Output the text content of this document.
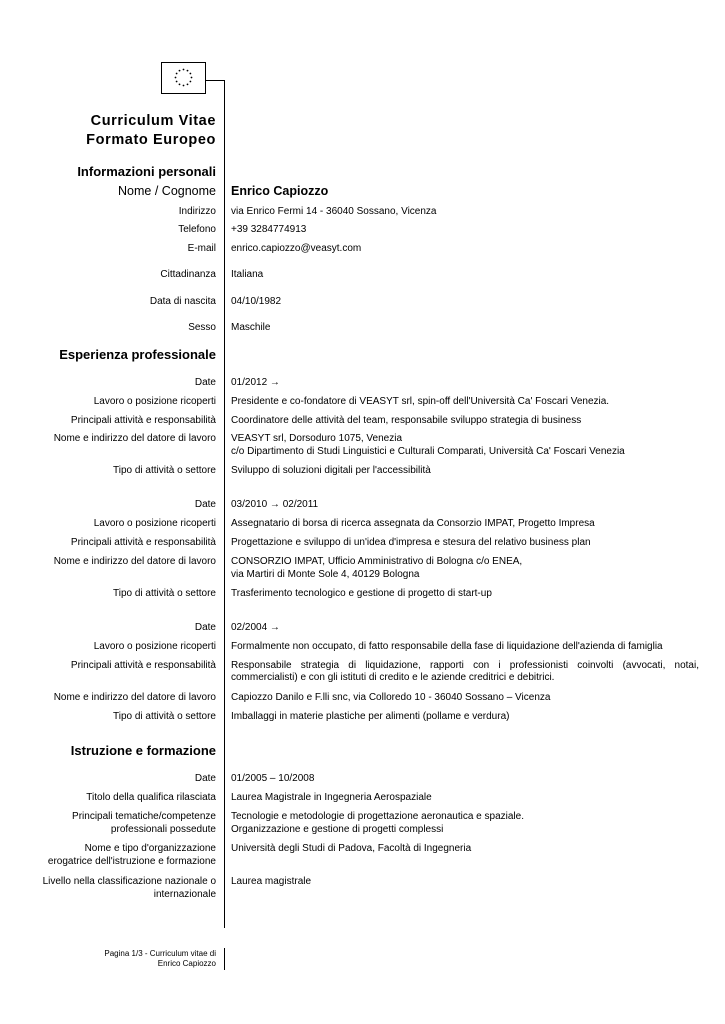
Curriculum Vitae
Formato Europeo
Informazioni personali
Nome / Cognome Enrico Capiozzo
Indirizzo via Enrico Fermi 14 - 36040 Sossano, Vicenza
Telefono +39 3284774913
E-mail enrico.capiozzo@veasyt.com
Cittadinanza Italiana
Data di nascita 04/10/1982
Sesso Maschile
Esperienza professionale
Date 01/2012 →
Lavoro o posizione ricoperti Presidente e co-fondatore di VEASYT srl, spin-off dell'Università Ca' Foscari Venezia.
Principali attività e responsabilità Coordinatore delle attività del team, responsabile sviluppo strategia di business
Nome e indirizzo del datore di lavoro VEASYT srl, Dorsoduro 1075, Venezia
c/o Dipartimento di Studi Linguistici e Culturali Comparati, Università Ca' Foscari Venezia
Tipo di attività o settore Sviluppo di soluzioni digitali per l'accessibilità
Date 03/2010 → 02/2011
Lavoro o posizione ricoperti Assegnatario di borsa di ricerca assegnata da Consorzio IMPAT, Progetto Impresa
Principali attività e responsabilità Progettazione e sviluppo di un'idea d'impresa e stesura del relativo business plan
Nome e indirizzo del datore di lavoro CONSORZIO IMPAT, Ufficio Amministrativo di Bologna c/o ENEA,
via Martiri di Monte Sole 4, 40129 Bologna
Tipo di attività o settore Trasferimento tecnologico e gestione di progetto di start-up
Date 02/2004 →
Lavoro o posizione ricoperti Formalmente non occupato, di fatto responsabile della fase di liquidazione dell'azienda di famiglia
Principali attività e responsabilità Responsabile strategia di liquidazione, rapporti con i professionisti coinvolti (avvocati, notai, commercialisti) e con gli istituti di credito e le aziende creditrici e debitrici.
Nome e indirizzo del datore di lavoro Capiozzo Danilo e F.lli snc, via Colloredo 10 - 36040 Sossano – Vicenza
Tipo di attività o settore Imballaggi in materie plastiche per alimenti (pollame e verdura)
Istruzione e formazione
Date 01/2005 – 10/2008
Titolo della qualifica rilasciata Laurea Magistrale in Ingegneria Aerospaziale
Principali tematiche/competenze
professionali possedute
Tecnologie e metodologie di progettazione aeronautica e spaziale.
Organizzazione e gestione di progetti complessi
Nome e tipo d'organizzazione
erogatrice dell'istruzione e formazione
Università degli Studi di Padova, Facoltà di Ingegneria
Livello nella classificazione nazionale o
internazionale
Laurea magistrale
Pagina 1/3 - Curriculum vitae di
Enrico Capiozzo
